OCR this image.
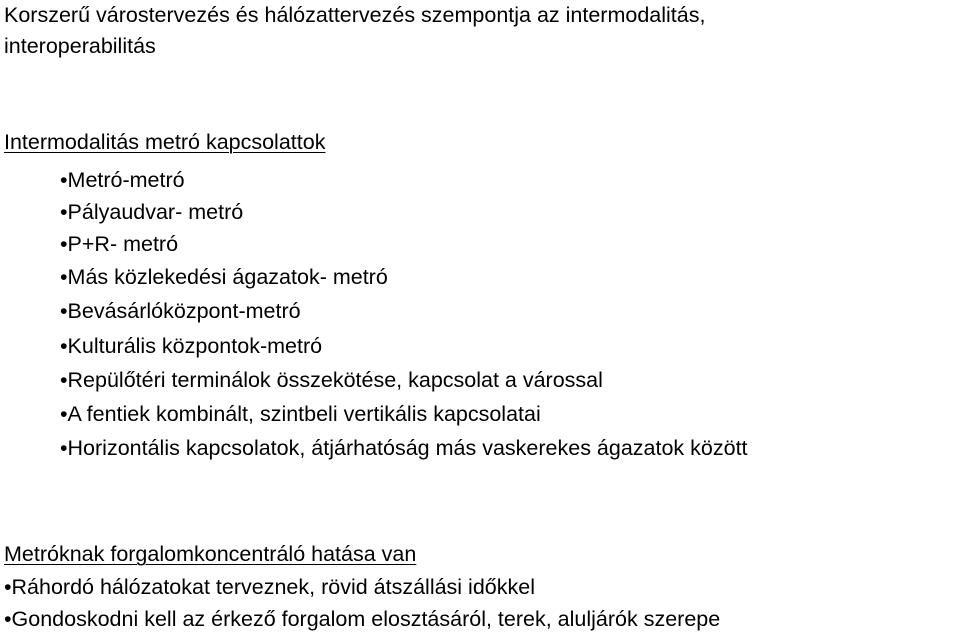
Korszerű várostervezés és hálózattervezés szempontja az intermodalitás,
interoperabilitás
Intermodalitás metró kapcsolattok
•Metró-metró
•Pályaudvar- metró
•P+R- metró
•Más közlekedési ágazatok- metró
•Bevásárlóközpont-metró
•Kulturális központok-metró
•Repülőtéri terminálok összekötése, kapcsolat a várossal
•A fentiek kombinált, szintbeli vertikális kapcsolatai
•Horizontális kapcsolatok, átjárhatóság más vaskerekes ágazatok között
Metróknak forgalomkoncentráló hatása van
•Ráhordó hálózatokat terveznek, rövid átszállási időkkel
•Gondoskodni kell az érkező forgalom elosztásáról, terek, aluljárók szerepe
